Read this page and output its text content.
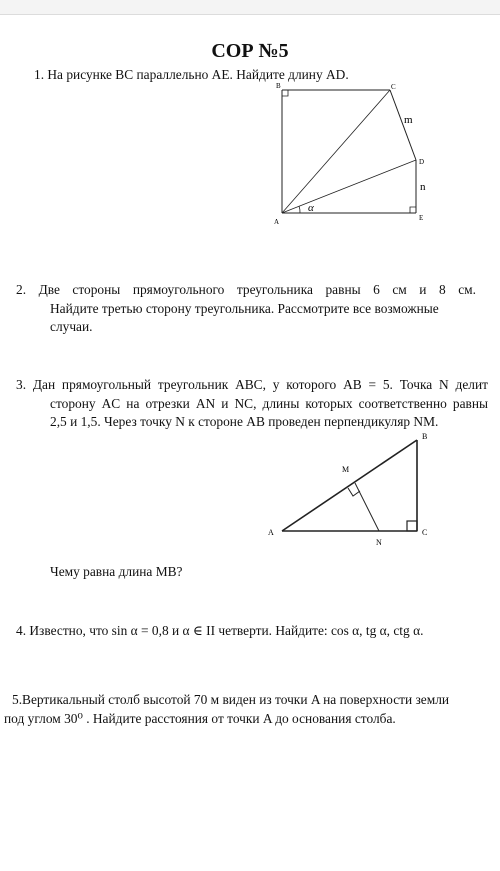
СОР №5
1. На рисунке BC параллельно AE. Найдите длину AD.
B	C
D
E
A
m
n
α
2. Две стороны прямоугольного треугольника равны 6 см и 8 см.
Найдите третью сторону треугольника. Рассмотрите все возможные
случаи.
3. Дан прямоугольный треугольник ABC, у которого AB = 5. Точка N делит
сторону AC на отрезки AN и NC, длины которых соответственно равны
2,5 и 1,5. Через точку N к стороне AB проведен перпендикуляр NM.
A
B
C
M
N
Чему равна длина MB?
4. Известно, что sin α = 0,8 и α ∈ II четверти. Найдите: cos α, tg α, ctg α.
5.Вертикальный столб высотой 70 м виден из точки A на поверхности земли
под углом 30⁰ . Найдите расстояния от точки A до основания столба.
